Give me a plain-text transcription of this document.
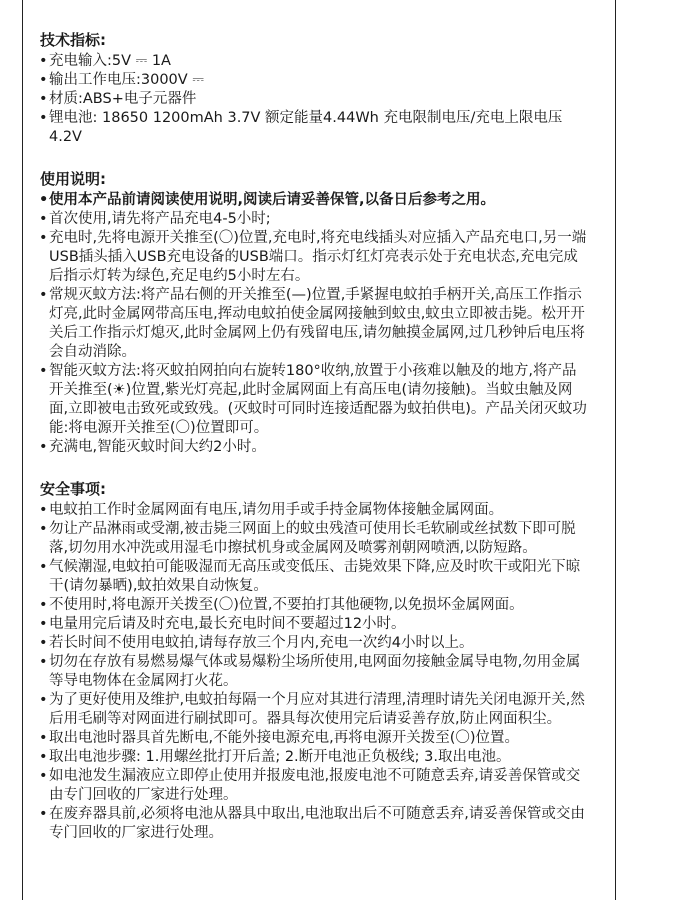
技术指标:
• 充电输入:5V ⎓ 1A
• 输出工作电压:3000V ⎓
• 材质:ABS+电子元器件
• 锂电池: 18650 1200mAh 3.7V 额定能量4.44Wh 充电限制电压/充电上限电压4.2V
使用说明:
• 使用本产品前请阅读使用说明,阅读后请妥善保管,以备日后参考之用。
• 首次使用,请先将产品充电4-5小时;
• 充电时,先将电源开关推至(〇)位置,充电时,将充电线插头对应插入产品充电口,另一端USB插头插入USB充电设备的USB端口。指示灯红灯亮表示处于充电状态,充电完成后指示灯转为绿色,充足电约5小时左右。
• 常规灭蚊方法:将产品右侧的开关推至(—)位置,手紧握电蚊拍手柄开关,高压工作指示灯亮,此时金属网带高压电,挥动电蚊拍使金属网接触到蚊虫,蚊虫立即被击毙。松开开关后工作指示灯熄灭,此时金属网上仍有残留电压,请勿触摸金属网,过几秒钟后电压将会自动消除。
• 智能灭蚊方法:将灭蚊拍网拍向右旋转180°收纳,放置于小孩难以触及的地方,将产品开关推至(☀)位置,紫光灯亮起,此时金属网面上有高压电(请勿接触)。当蚊虫触及网面,立即被电击致死或致残。(灭蚊时可同时连接适配器为蚊拍供电)。产品关闭灭蚊功能:将电源开关推至(〇)位置即可。
• 充满电,智能灭蚊时间大约2小时。
安全事项:
• 电蚊拍工作时金属网面有电压,请勿用手或手持金属物体接触金属网面。
• 勿让产品淋雨或受潮,被击毙三网面上的蚊虫残渣可使用长毛软刷或丝拭数下即可脱落,切勿用水冲洗或用湿毛巾擦拭机身或金属网及喷雾剂朝网喷洒,以防短路。
• 气候潮湿,电蚊拍可能吸湿而无高压或变低压、击毙效果下降,应及时吹干或阳光下晾干(请勿暴晒),蚊拍效果自动恢复。
• 不使用时,将电源开关拨至(〇)位置,不要拍打其他硬物,以免损坏金属网面。
• 电量用完后请及时充电,最长充电时间不要超过12小时。
• 若长时间不使用电蚊拍,请每存放三个月内,充电一次约4小时以上。
• 切勿在存放有易燃易爆气体或易爆粉尘场所使用,电网面勿接触金属导电物,勿用金属等导电物体在金属网打火花。
• 为了更好使用及维护,电蚊拍每隔一个月应对其进行清理,清理时请先关闭电源开关,然后用毛刷等对网面进行刷拭即可。器具每次使用完后请妥善存放,防止网面积尘。
• 取出电池时器具首先断电,不能外接电源充电,再将电源开关拨至(〇)位置。
• 取出电池步骤: 1.用螺丝批打开后盖; 2.断开电池正负极线; 3.取出电池。
• 如电池发生漏液应立即停止使用并报废电池,报废电池不可随意丢弃,请妥善保管或交由专门回收的厂家进行处理。
• 在废弃器具前,必须将电池从器具中取出,电池取出后不可随意丢弃,请妥善保管或交由专门回收的厂家进行处理。
